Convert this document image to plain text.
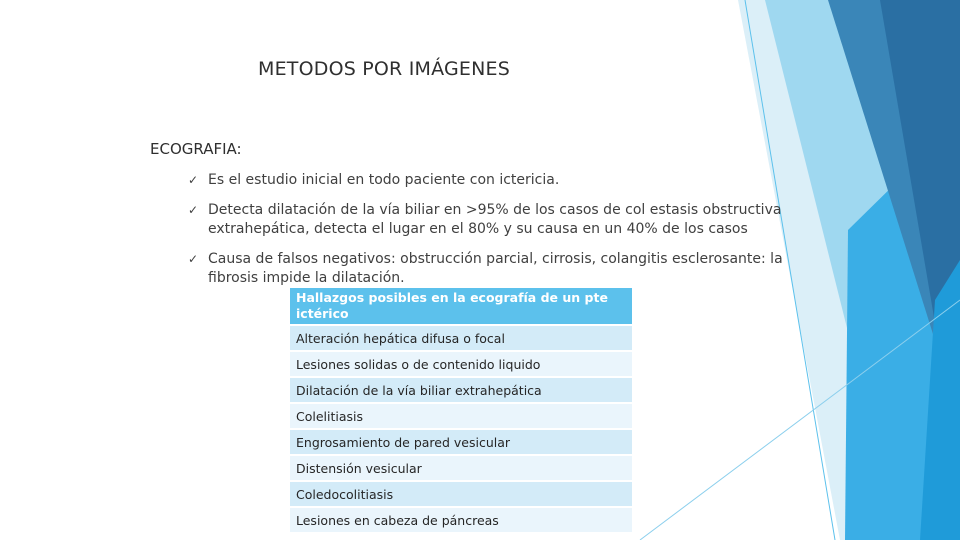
METODOS POR IMÁGENES
ECOGRAFIA:
✓ Es el estudio inicial en todo paciente con ictericia.
✓ Detecta dilatación de la vía biliar en >95% de los casos de col estasis obstructiva extrahepática, detecta el lugar en el 80% y su causa en un 40% de los casos
✓ Causa de falsos negativos: obstrucción parcial, cirrosis, colangitis esclerosante: la fibrosis impide la dilatación.
Hallazgos posibles en la ecografía de un pte ictérico
Alteración hepática difusa o focal
Lesiones solidas o de contenido liquido
Dilatación de la vía biliar extrahepática
Colelitiasis
Engrosamiento de pared vesicular
Distensión vesicular
Coledocolitiasis
Lesiones en cabeza de páncreas
